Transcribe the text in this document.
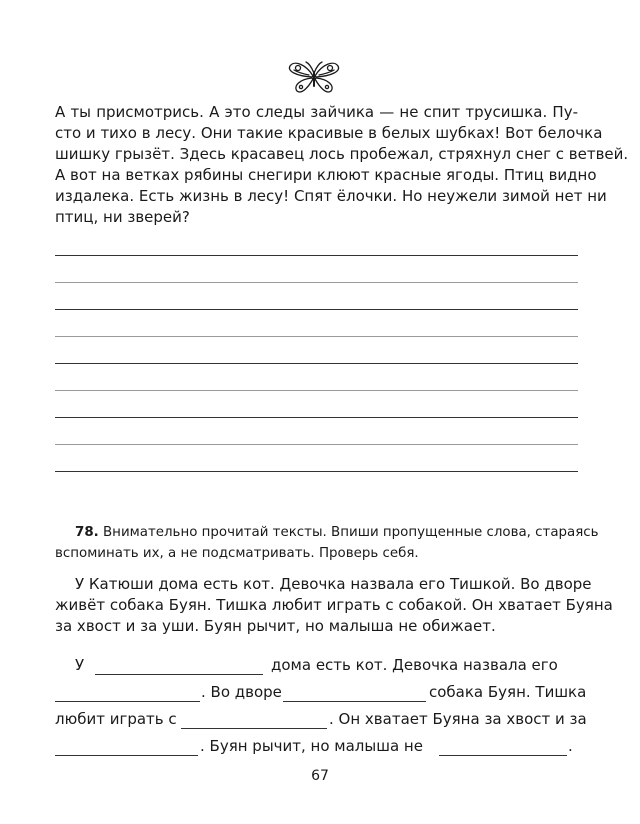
А ты присмотрись. А это следы зайчика — не спит трусишка. Пу-
сто и тихо в лесу. Они такие красивые в белых шубках! Вот белочка
шишку грызёт. Здесь красавец лось пробежал, стряхнул снег с ветвей.
А вот на ветках рябины снегири клюют красные ягоды. Птиц видно
издалека. Есть жизнь в лесу! Спят ёлочки. Но неужели зимой нет ни
птиц, ни зверей?
78. Внимательно прочитай тексты. Впиши пропущенные слова, стараясь
вспоминать их, а не подсматривать. Проверь себя.
У Катюши дома есть кот. Девочка назвала его Тишкой. Во дворе
живёт собака Буян. Тишка любит играть с собакой. Он хватает Буяна
за хвост и за уши. Буян рычит, но малыша не обижает.
У	дома есть кот. Девочка назвала его
. Во дворе	собака Буян. Тишка
любит играть с	. Он хватает Буяна за хвост и за
. Буян рычит, но малыша не	.
67
